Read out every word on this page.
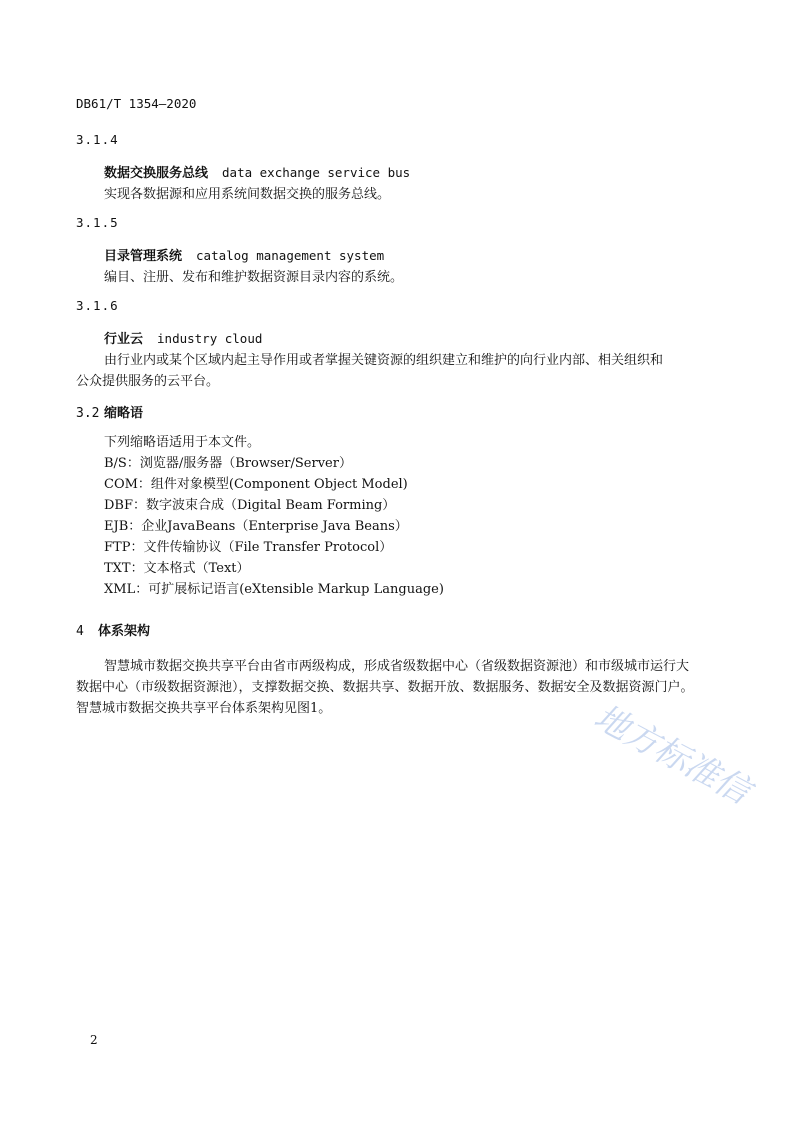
DB61/T 1354—2020
3.1.4
数据交换服务总线 data exchange service bus
实现各数据源和应用系统间数据交换的服务总线。
3.1.5
目录管理系统 catalog management system
编目、注册、发布和维护数据资源目录内容的系统。
3.1.6
行业云 industry cloud
由行业内或某个区域内起主导作用或者掌握关键资源的组织建立和维护的向行业内部、相关组织和
公众提供服务的云平台。
3.2 缩略语
下列缩略语适用于本文件。
B/S：浏览器/服务器（Browser/Server）
COM：组件对象模型(Component Object Model)
DBF：数字波束合成（Digital Beam Forming）
EJB：企业JavaBeans（Enterprise Java Beans）
FTP：文件传输协议（File Transfer Protocol）
TXT：文本格式（Text）
XML：可扩展标记语言(eXtensible Markup Language)
4 体系架构
智慧城市数据交换共享平台由省市两级构成，形成省级数据中心（省级数据资源池）和市级城市运行大数据中心（市级数据资源池），支撑数据交换、数据共享、数据开放、数据服务、数据安全及数据资源门户。智慧城市数据交换共享平台体系架构见图1。	地方标准信
2
